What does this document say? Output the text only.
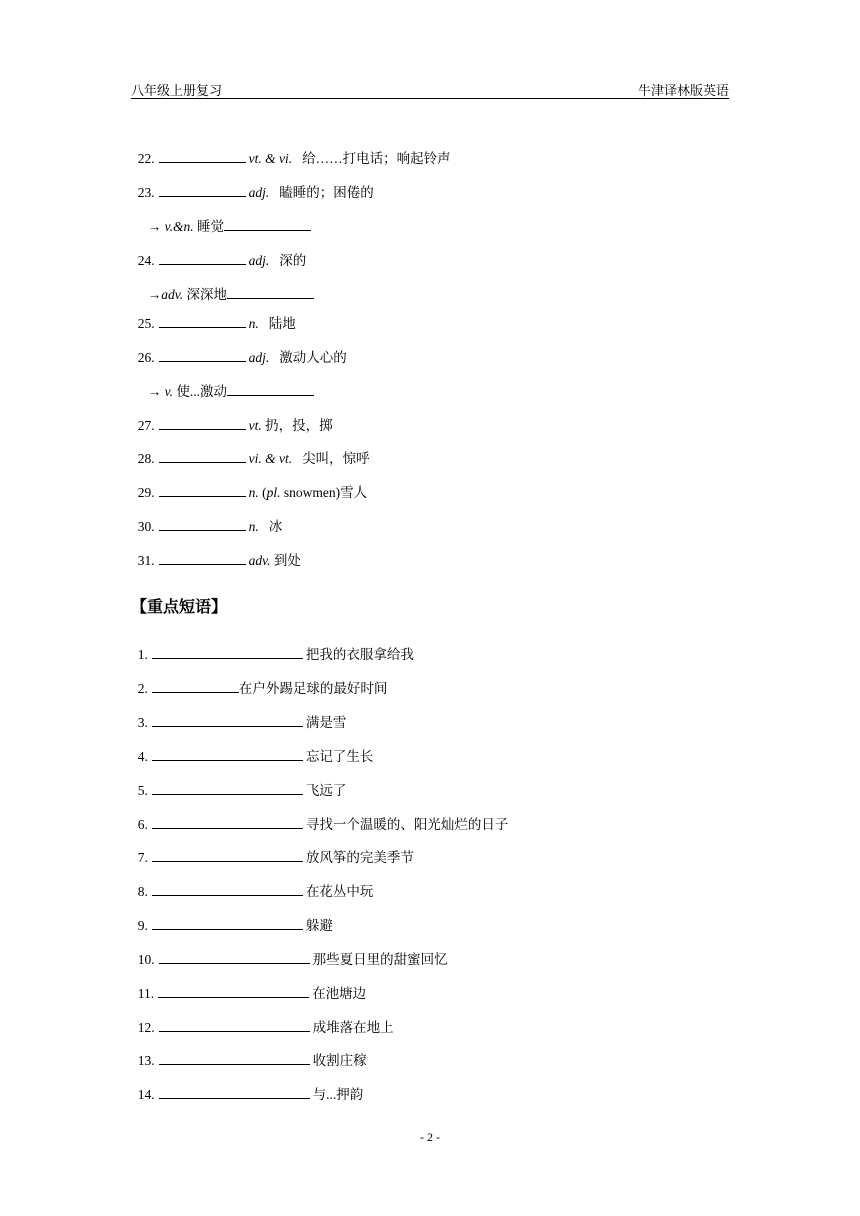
八年级上册复习	牛津译林版英语

22.	vt. & vi. 给……打电话；响起铃声

23.	adj. 瞌睡的；困倦的

→ v.&n. 睡觉

24.	adj. 深的

→adv. 深深地

25.	n. 陆地

26.	adj. 激动人心的

→ v. 使...激动

27.	vt. 扔，投，掷

28.	vi. & vt. 尖叫，惊呼

29.	n. (pl. snowmen)雪人

30.	n. 冰

31.	adv. 到处

【重点短语】

1.	把我的衣服拿给我

2.	在户外踢足球的最好时间

3.	满是雪

4.	忘记了生长

5.	飞远了

6.	寻找一个温暖的、阳光灿烂的日子

7.	放风筝的完美季节

8.	在花丛中玩

9.	躲避

10.	那些夏日里的甜蜜回忆

11.	在池塘边

12.	成堆落在地上

13.	收割庄稼

14.	与...押韵

- 2 -
